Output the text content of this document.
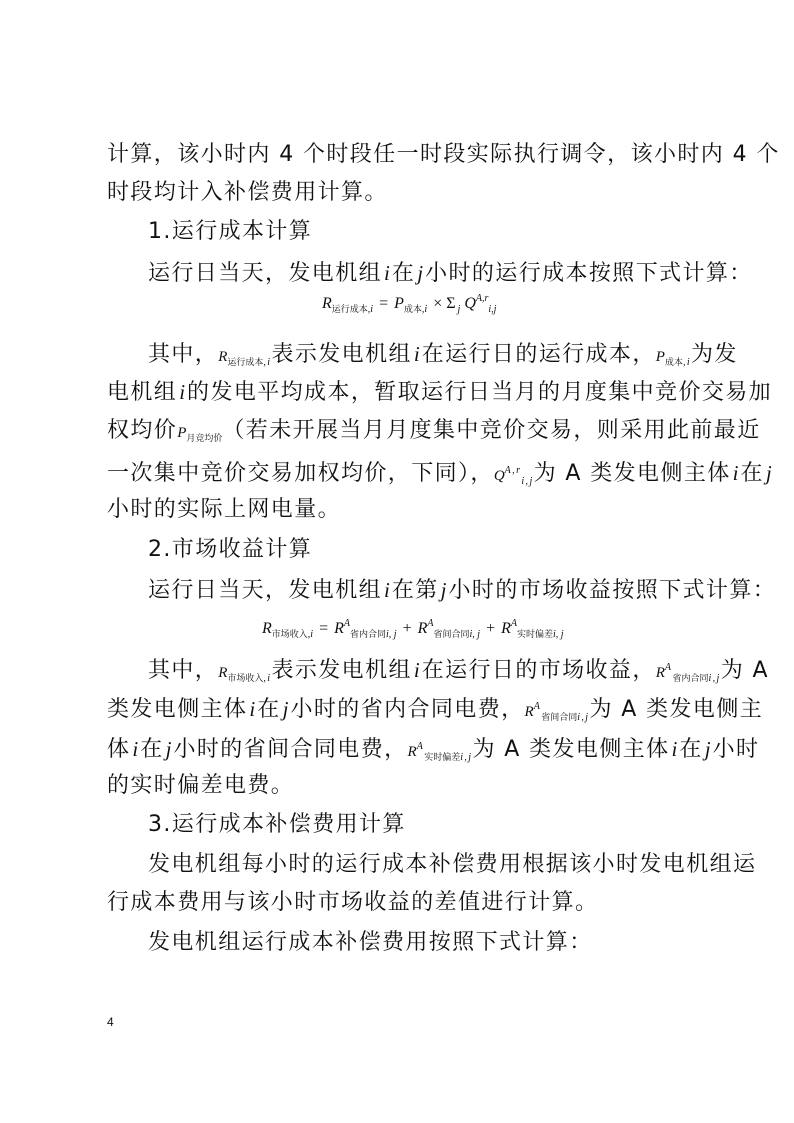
计算，该小时内 4 个时段任一时段实际执行调令，该小时内 4 个
时段均计入补偿费用计算。
1.运行成本计算
运行日当天，发电机组i在j小时的运行成本按照下式计算：
$R_{运行成本,i} = P_{成本,i} \times \Sigma$ $_j$ $Q^{A,r}_{i,j}$
其中，$R_{运行成本},i$表示发电机组i在运行日的运行成本，$P_{成本},i$为发
电机组i的发电平均成本，暂取运行日当月的月度集中竞价交易加
权均价$P_{月竞均价}$（若未开展当月月度集中竞价交易，则采用此前最近
一次集中竞价交易加权均价，下同），$Q^{A,r}i,j$为 A 类发电侧主体i在j
小时的实际上网电量。
2.市场收益计算
运行日当天，发电机组i在第j小时的市场收益按照下式计算：
$R_{市场收入,i} = R^A_{省内合同i, j} + R^A_{省间合同i, j} + R^A_{实时偏差i, j}$
其中，$R_{市场收入},i$表示发电机组i在运行日的市场收益，$R^A_{省内合同}i,j$为 A
类发电侧主体i在j小时的省内合同电费，$R^A_{省间合同}i,j$为 A 类发电侧主
体i在j小时的省间合同电费，$R^A_{实时偏差}i,j$为 A 类发电侧主体i在j小时
的实时偏差电费。
3.运行成本补偿费用计算
发电机组每小时的运行成本补偿费用根据该小时发电机组运
行成本费用与该小时市场收益的差值进行计算。
发电机组运行成本补偿费用按照下式计算：
4
